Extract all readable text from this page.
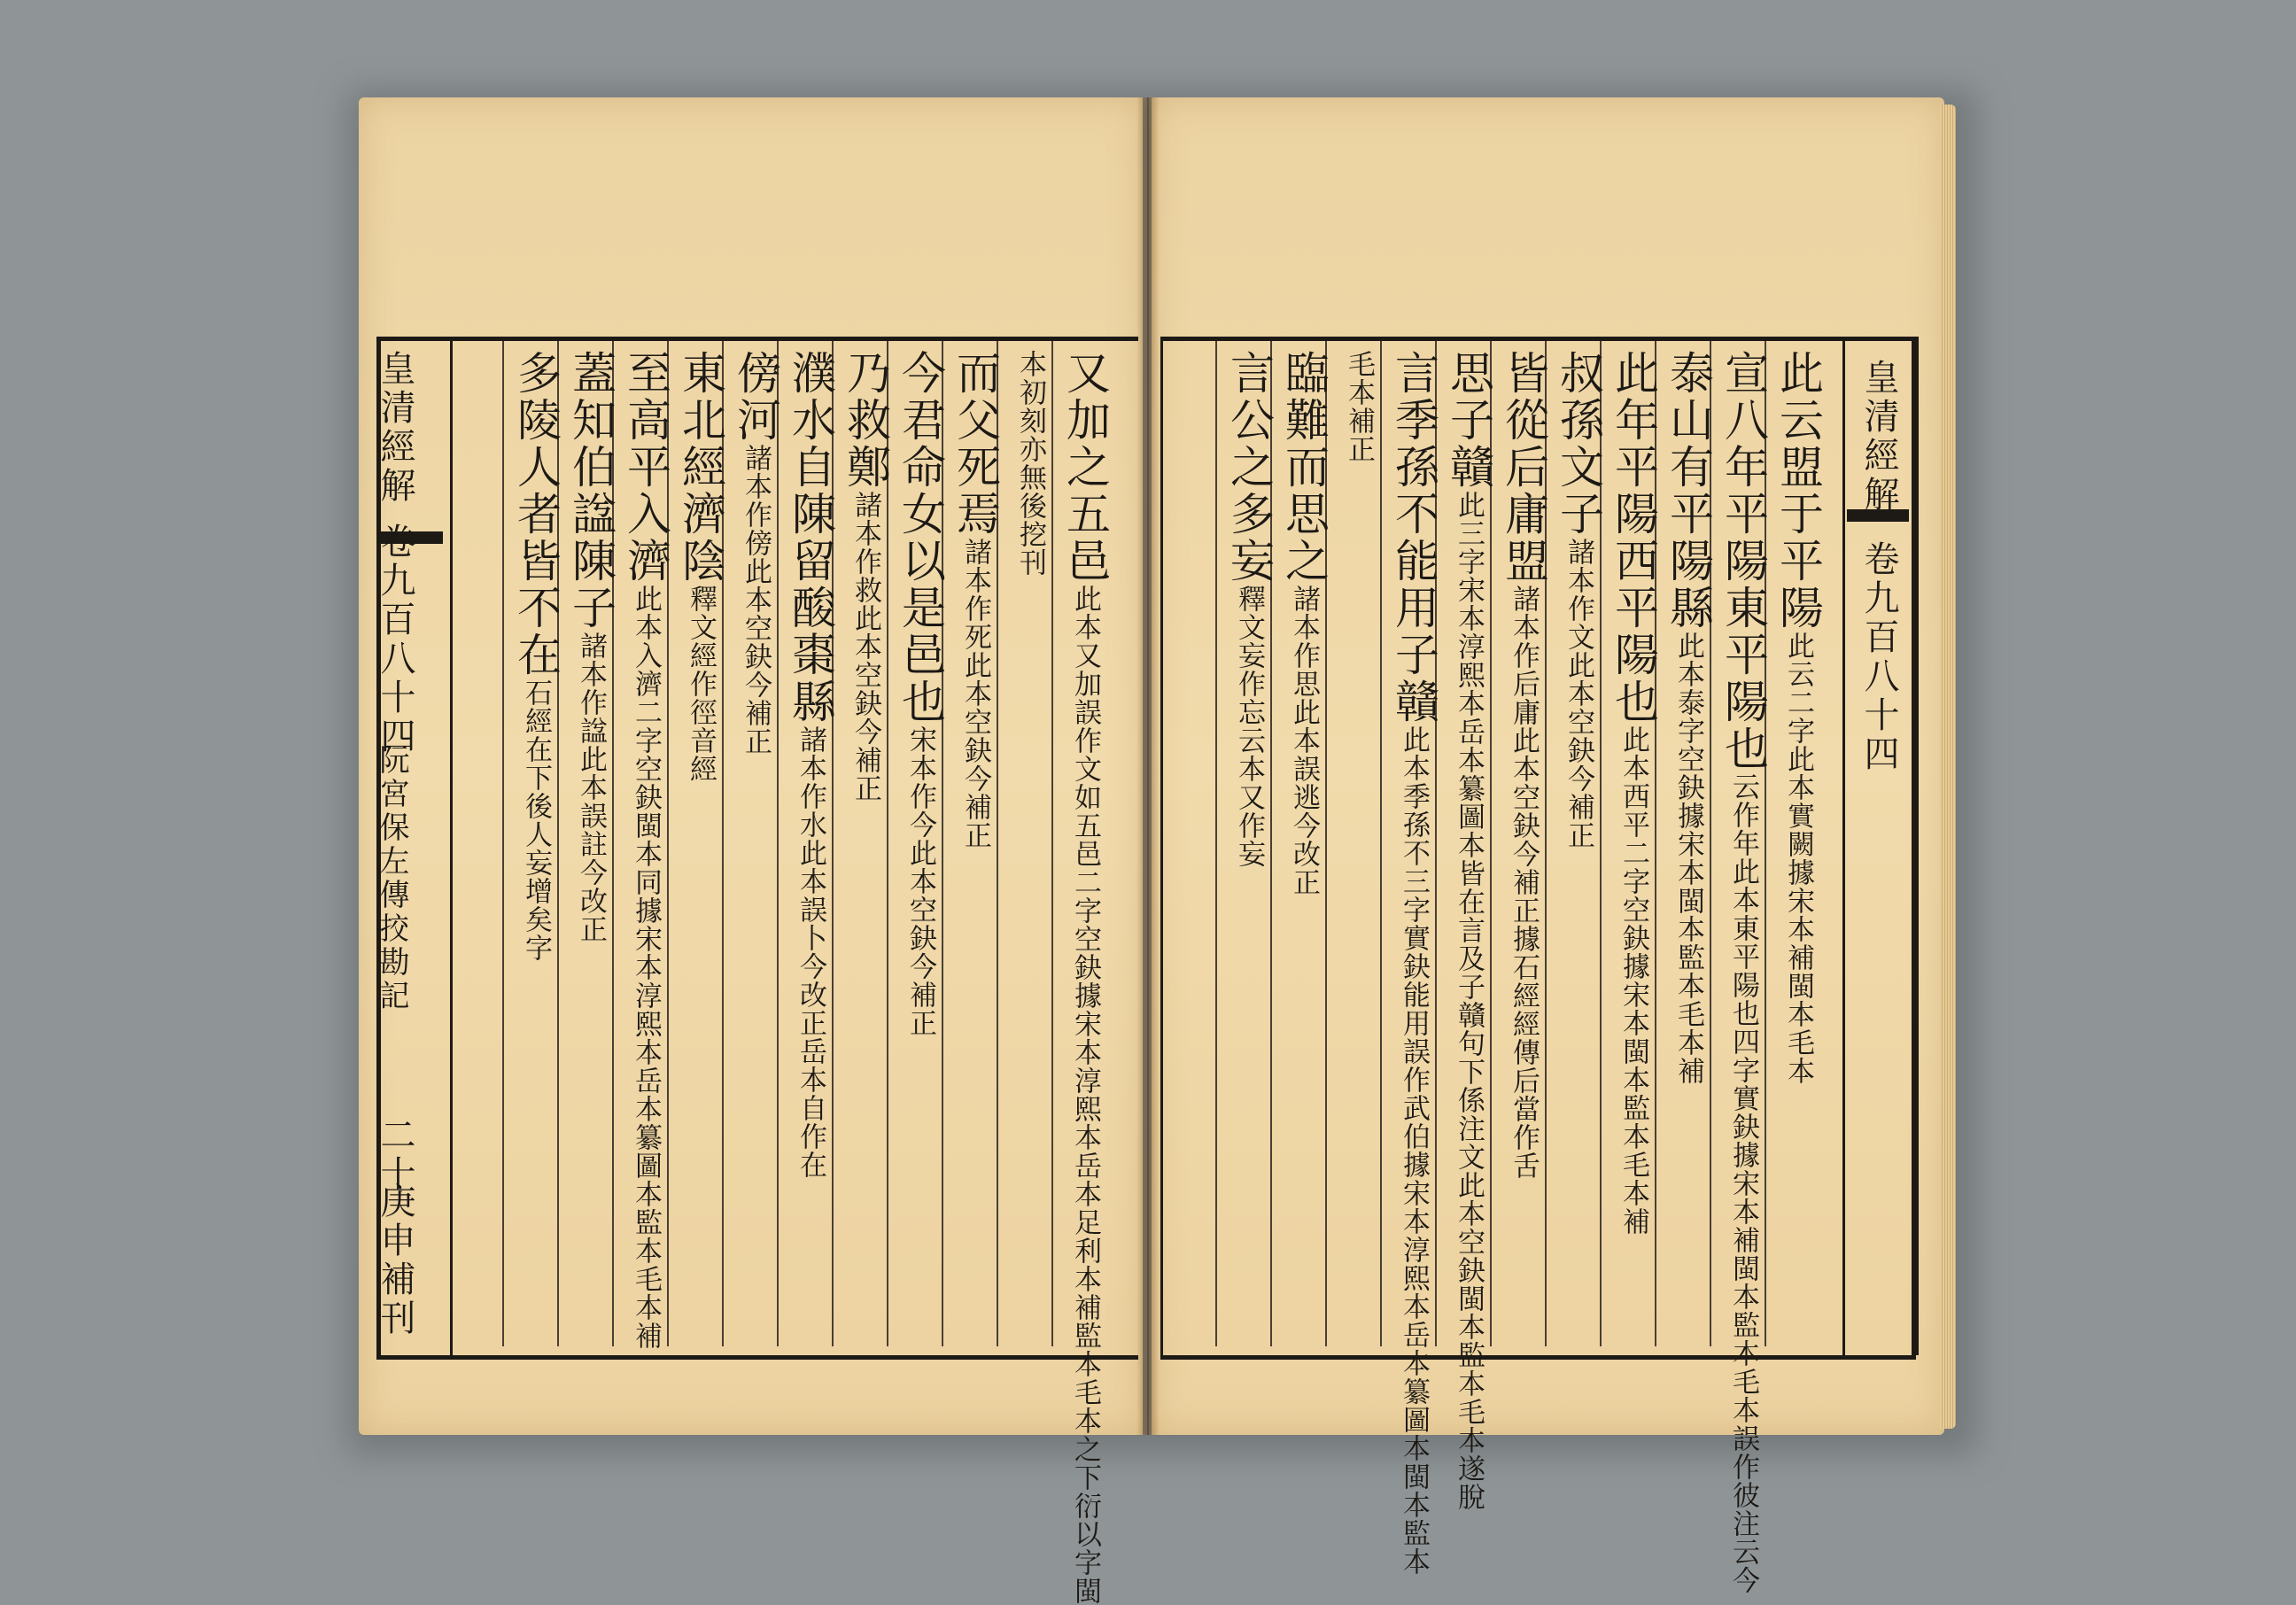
皇清經解
卷九百八十四
阮宮保左傳挍勘記
二十
庚申補刊
皇清經解
卷九百八十四
又加之五邑此本又加誤作文如五邑二字空鈌據宋本淳熙本岳本足利本補監本毛本之下衍以字閩
本初刻亦無後挖刊
而父死焉諸本作死此本空鈌今補正
今君命女以是邑也宋本作今此本空鈌今補正
乃救鄭諸本作救此本空鈌今補正
濮水自陳留酸棗縣諸本作水此本誤卜今改正岳本自作在
傍河諸本作傍此本空鈌今補正
東北經濟陰釋文經作徑音經
至高平入濟此本入濟二字空鈌閩本同據宋本淳熙本岳本纂圖本監本毛本補
蓋知伯諡陳子諸本作諡此本誤註今改正
多陵人者皆不在石經在下後人妄增矣字
此云盟于平陽此云二字此本實闕據宋本補閩本毛本
宣八年平陽東平陽也云作年此本東平陽也四字實鈌據宋本補閩本監本毛本誤作彼注云今
泰山有平陽縣此本泰字空鈌據宋本閩本監本毛本補
此年平陽西平陽也此本西平二字空鈌據宋本閩本監本毛本補
叔孫文子諸本作文此本空鈌今補正
皆從后庸盟諸本作后庸此本空鈌今補正據石經經傳后當作舌
思子贛此三字宋本淳熙本岳本纂圖本皆在言及子贛句下係注文此本空鈌閩本監本毛本遂脫
言季孫不能用子贛此本季孫不三字實鈌能用誤作武伯據宋本淳熙本岳本纂圖本閩本監本
毛本補正
臨難而思之諸本作思此本誤逃今改正
言公之多妄釋文妄作忘云本又作妄
